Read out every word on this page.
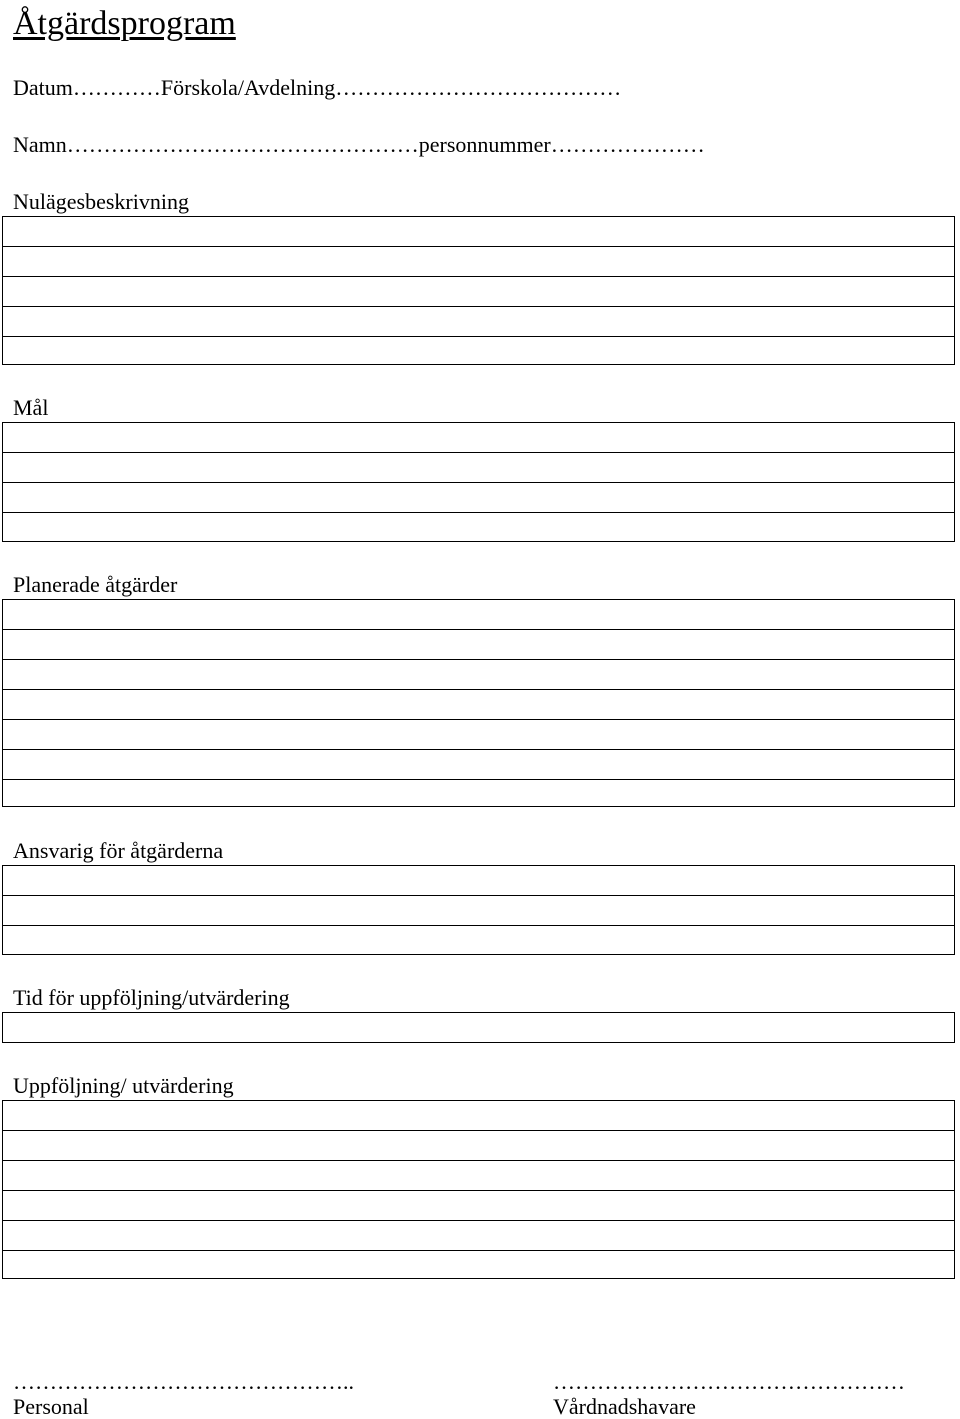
Åtgärdsprogram
Datum…………Förskola/Avdelning…………………………………
Namn…………………………………………personnummer…………………
Nulägesbeskrivning
Mål
Planerade åtgärder
Ansvarig för åtgärderna
Tid för uppföljning/utvärdering
Uppföljning/ utvärdering
………………………………………..
Personal
…………………………………………
Vårdnadshavare
